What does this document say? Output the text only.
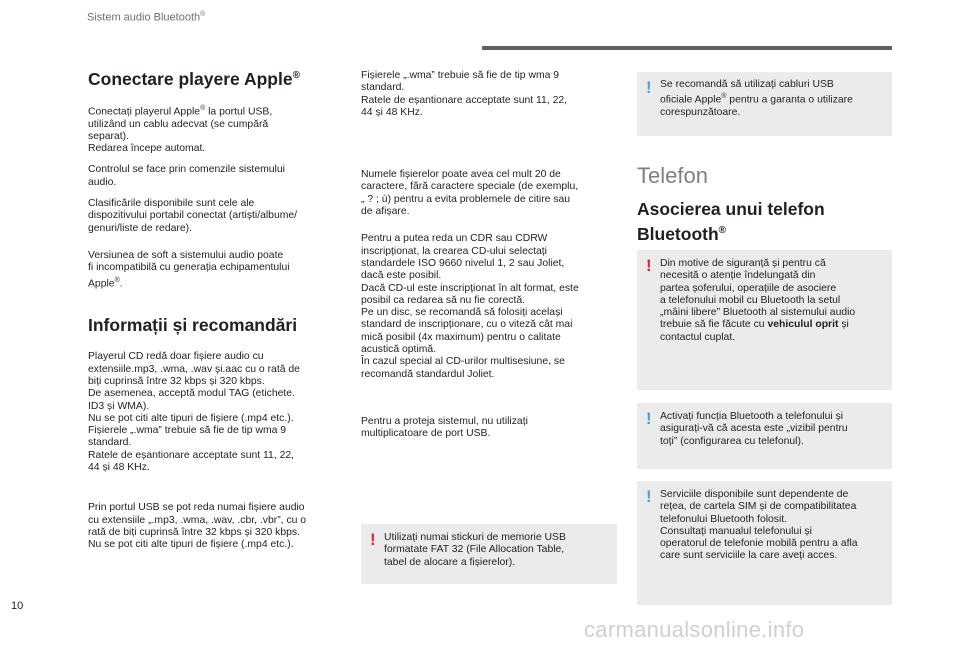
Sistem audio Bluetooth®
Conectare playere Apple®

Conectați playerul Apple® la portul USB,
utilizând un cablu adecvat (se cumpără
separat).
Redarea începe automat.

Controlul se face prin comenzile sistemului
audio.

Clasificările disponibile sunt cele ale
dispozitivului portabil conectat (artiști/albume/
genuri/liste de redare).

Versiunea de soft a sistemului audio poate
fi incompatibilă cu generația echipamentului
Apple®.

Informații și recomandări

Playerul CD redă doar fișiere audio cu
extensiile.mp3, .wma, .wav și.aac cu o rată de
biți cuprinsă între 32 kbps și 320 kbps.
De asemenea, acceptă modul TAG (etichete.
ID3 și WMA).
Nu se pot citi alte tipuri de fișiere (.mp4 etc.).
Fișierele „.wma” trebuie să fie de tip wma 9
standard.
Ratele de eșantionare acceptate sunt 11, 22,
44 și 48 KHz.

Prin portul USB se pot reda numai fișiere audio
cu extensiile „.mp3, .wma, .wav, .cbr, .vbr”, cu o
rată de biți cuprinsă între 32 kbps și 320 kbps.
Nu se pot citi alte tipuri de fișiere (.mp4 etc.).

Fișierele „.wma” trebuie să fie de tip wma 9
standard.
Ratele de eșantionare acceptate sunt 11, 22,
44 și 48 KHz.

Numele fișierelor poate avea cel mult 20 de
caractere, fără caractere speciale (de exemplu,
„ ? ; ù) pentru a evita problemele de citire sau
de afișare.

Pentru a putea reda un CDR sau CDRW
inscripționat, la crearea CD-ului selectați
standardele ISO 9660 nivelul 1, 2 sau Joliet,
dacă este posibil.
Dacă CD-ul este inscripționat în alt format, este
posibil ca redarea să nu fie corectă.
Pe un disc, se recomandă să folosiți același
standard de inscripționare, cu o viteză cât mai
mică posibil (4x maximum) pentru o calitate
acustică optimă.
În cazul special al CD-urilor multisesiune, se
recomandă standardul Joliet.

Pentru a proteja sistemul, nu utilizați
multiplicatoare de port USB.

! Utilizați numai stickuri de memorie USB
formatate FAT 32 (File Allocation Table,
tabel de alocare a fișierelor).
! Se recomandă să utilizați cabluri USB
oficiale Apple® pentru a garanta o utilizare
corespunzătoare.
Telefon
Asocierea unui telefon
Bluetooth®
! Din motive de siguranță și pentru că
necesită o atenție îndelungată din
partea șoferului, operațiile de asociere
a telefonului mobil cu Bluetooth la setul
„mâini libere” Bluetooth al sistemului audio
trebuie să fie făcute cu vehiculul oprit și
contactul cuplat.
! Activați funcția Bluetooth a telefonului și
asigurați-vă că acesta este „vizibil pentru
toți” (configurarea cu telefonul).
! Serviciile disponibile sunt dependente de
rețea, de cartela SIM și de compatibilitatea
telefonului Bluetooth folosit.
Consultați manualul telefonului și
operatorul de telefonie mobilă pentru a afla
care sunt serviciile la care aveți acces.
10
carmanualsonline.info
